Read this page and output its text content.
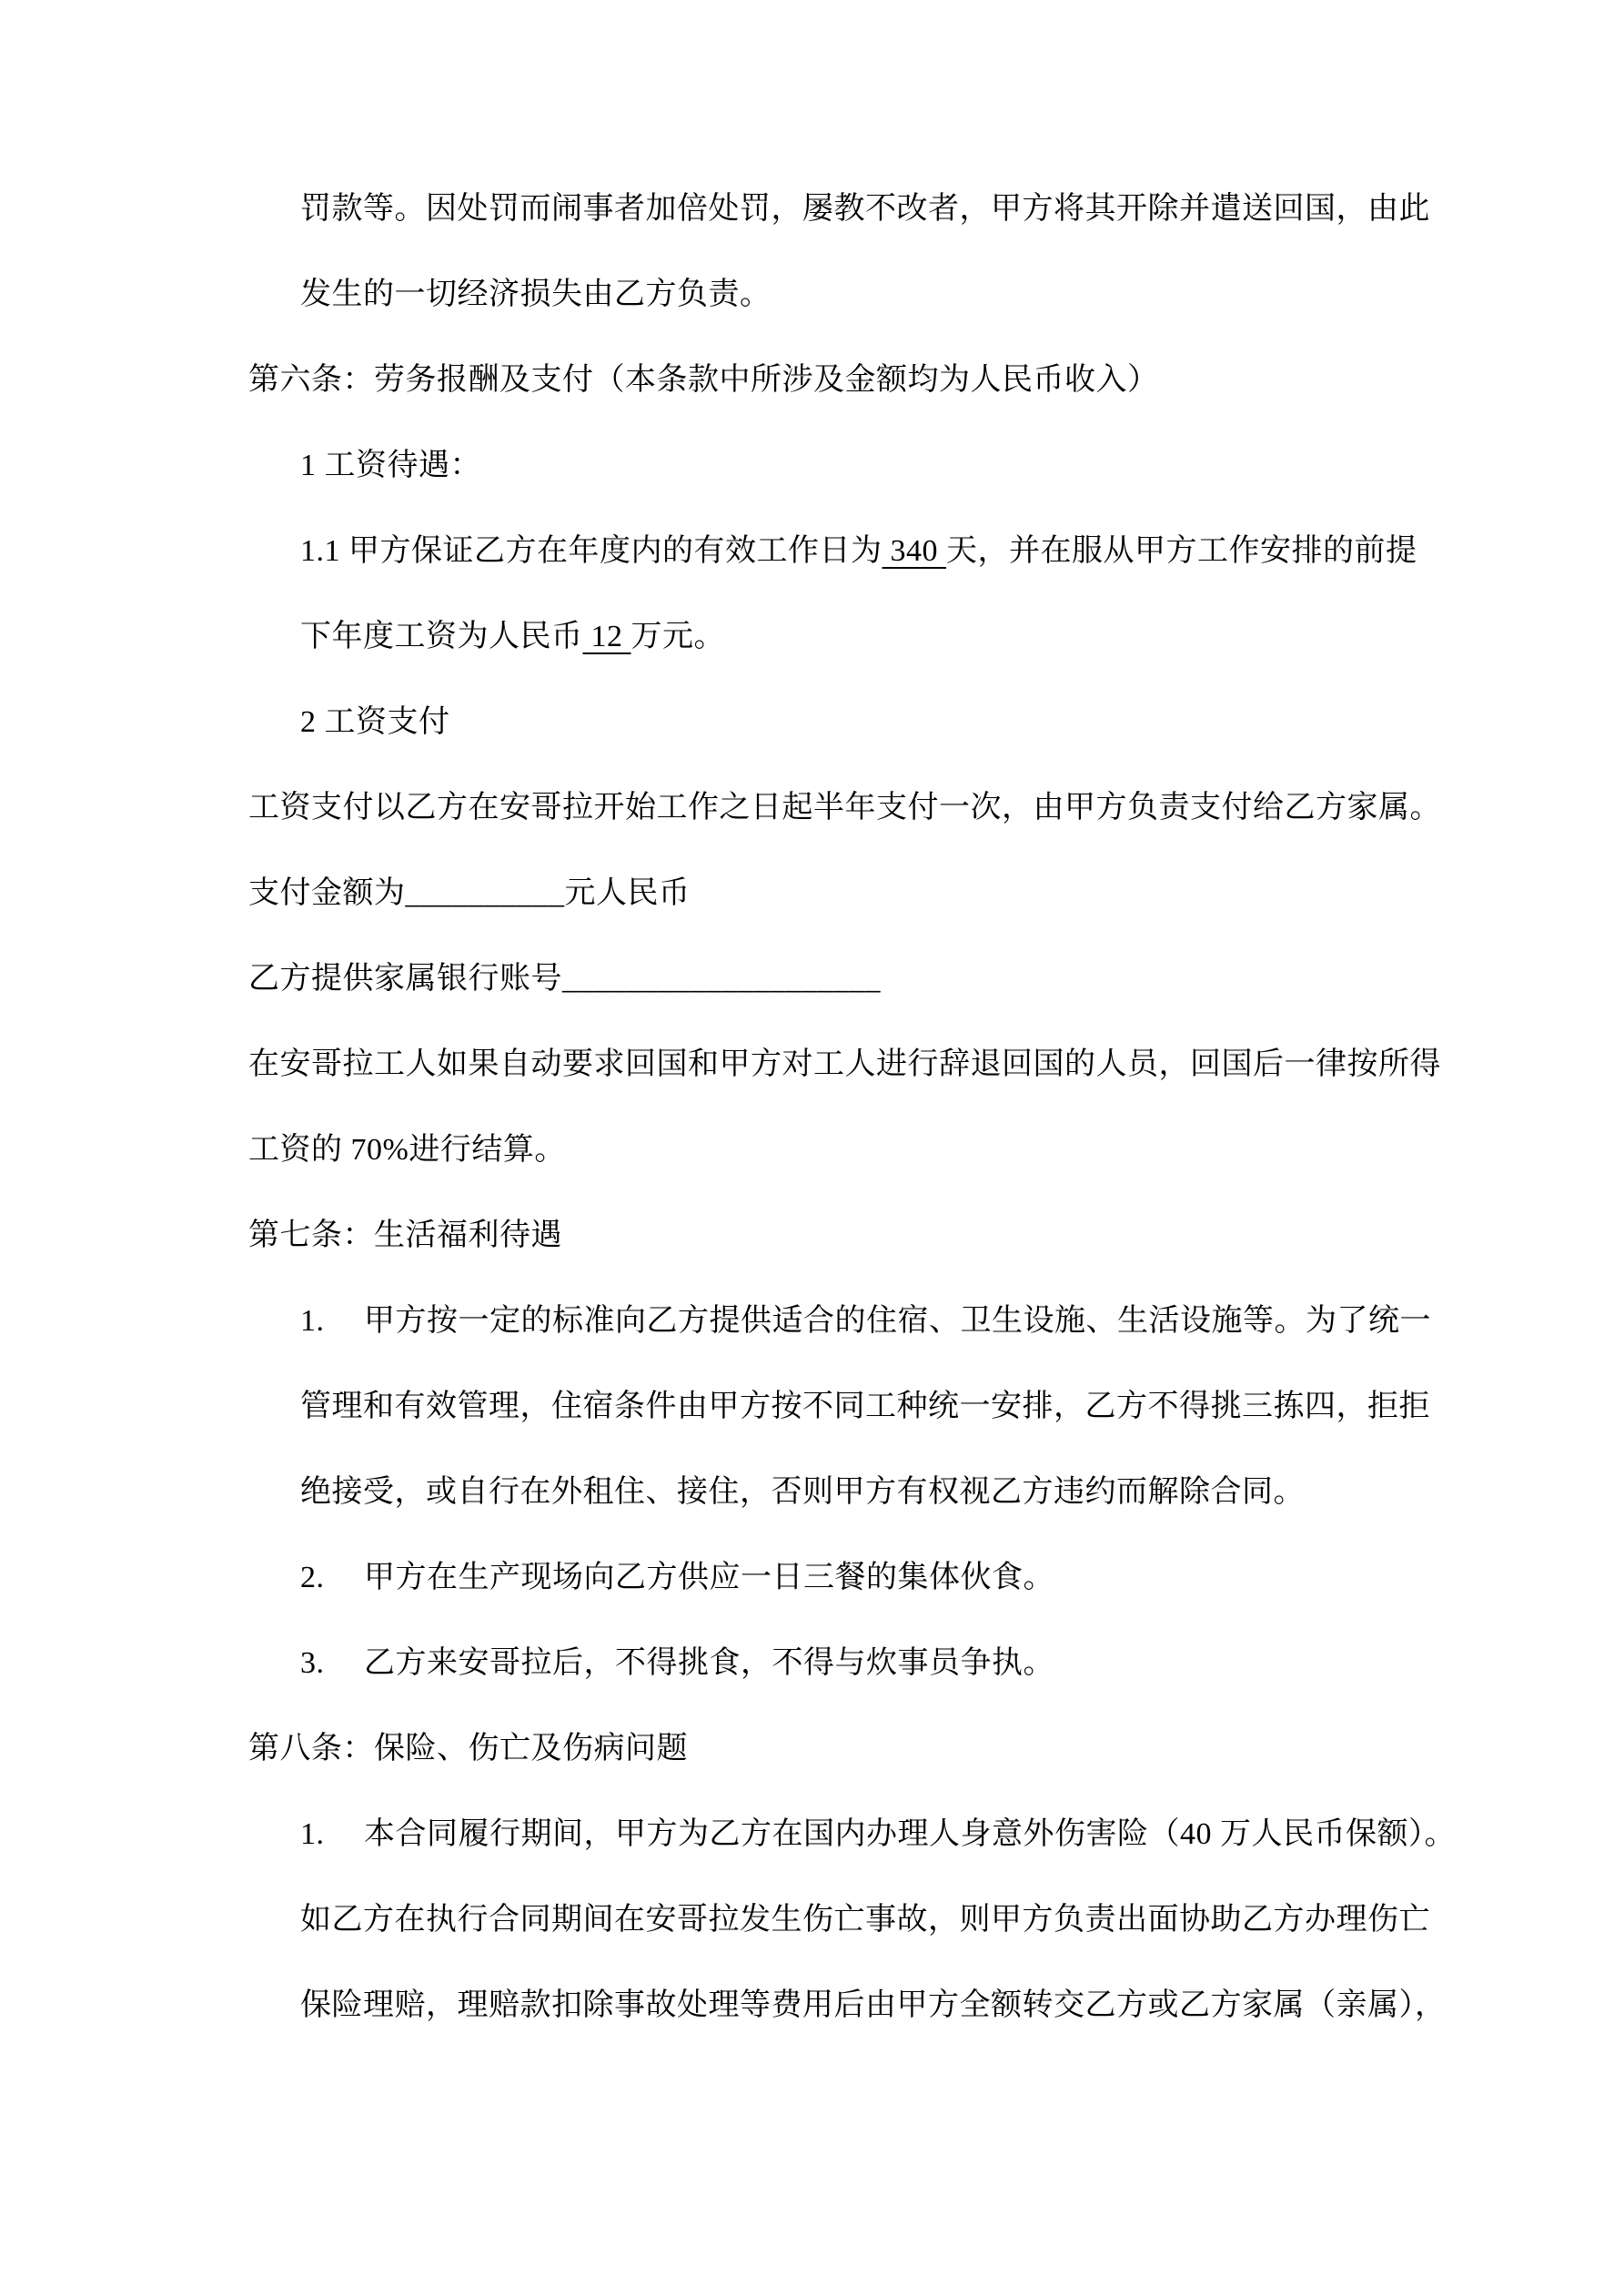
罚款等。因处罚而闹事者加倍处罚，屡教不改者，甲方将其开除并遣送回国，由此
发生的一切经济损失由乙方负责。
第六条：劳务报酬及支付（本条款中所涉及金额均为人民币收入）
1 工资待遇：
1.1 甲方保证乙方在年度内的有效工作日为 340 天，并在服从甲方工作安排的前提
下年度工资为人民币 12 万元。
2 工资支付
工资支付以乙方在安哥拉开始工作之日起半年支付一次，由甲方负责支付给乙方家属。
支付金额为__________元人民币
乙方提供家属银行账号____________________
在安哥拉工人如果自动要求回国和甲方对工人进行辞退回国的人员，回国后一律按所得
工资的 70%进行结算。
第七条：生活福利待遇
1. 甲方按一定的标准向乙方提供适合的住宿、卫生设施、生活设施等。为了统一
管理和有效管理，住宿条件由甲方按不同工种统一安排，乙方不得挑三拣四，拒拒
绝接受，或自行在外租住、接住，否则甲方有权视乙方违约而解除合同。
2. 甲方在生产现场向乙方供应一日三餐的集体伙食。
3. 乙方来安哥拉后，不得挑食，不得与炊事员争执。
第八条：保险、伤亡及伤病问题
1. 本合同履行期间，甲方为乙方在国内办理人身意外伤害险（40 万人民币保额）。
如乙方在执行合同期间在安哥拉发生伤亡事故，则甲方负责出面协助乙方办理伤亡
保险理赔，理赔款扣除事故处理等费用后由甲方全额转交乙方或乙方家属（亲属），
